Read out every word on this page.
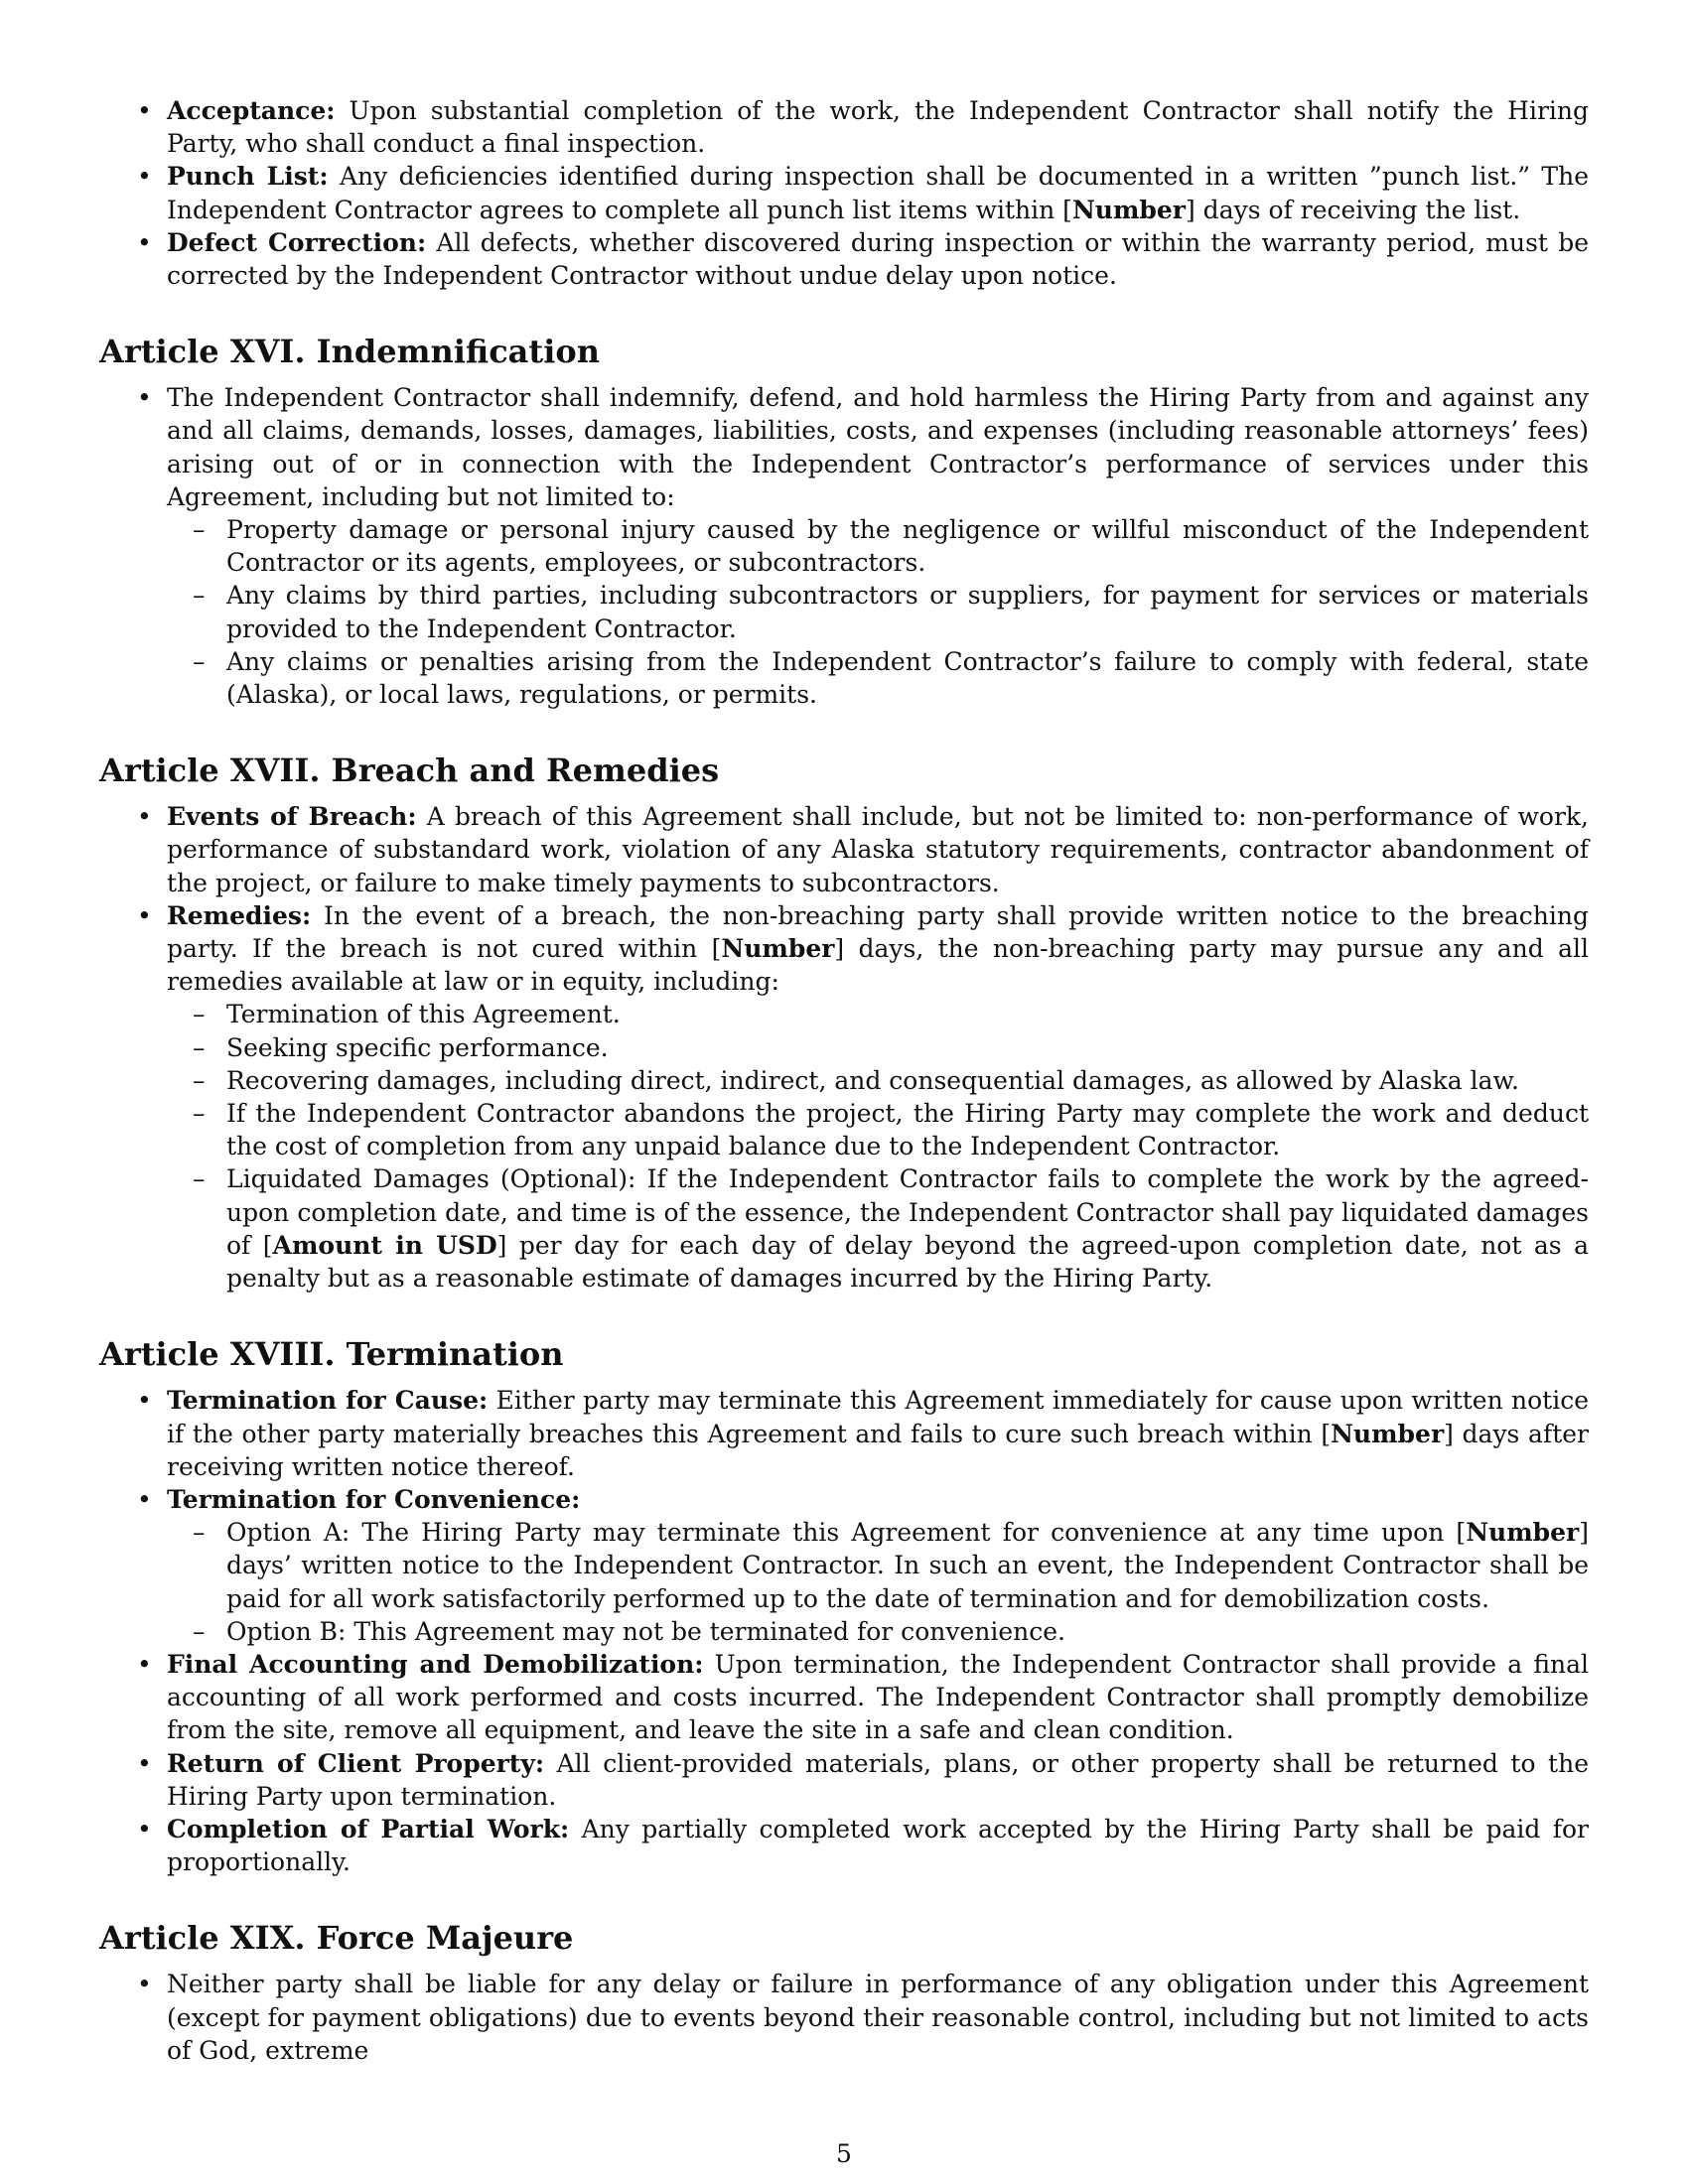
• Acceptance: Upon substantial completion of the work, the Independent Contractor shall notify the Hiring Party, who shall conduct a final inspection.
• Punch List: Any deficiencies identified during inspection shall be documented in a written ”punch list.” The Independent Contractor agrees to complete all punch list items within [Number] days of receiving the list.
• Defect Correction: All defects, whether discovered during inspection or within the warranty period, must be corrected by the Independent Contractor without undue delay upon notice.
Article XVI. Indemnification
• The Independent Contractor shall indemnify, defend, and hold harmless the Hiring Party from and against any and all claims, demands, losses, damages, liabilities, costs, and expenses (including reasonable attorneys’ fees) arising out of or in connection with the Independent Contractor’s performance of services under this Agreement, including but not limited to:
– Property damage or personal injury caused by the negligence or willful misconduct of the Independent Contractor or its agents, employees, or subcontractors.
– Any claims by third parties, including subcontractors or suppliers, for payment for services or materials provided to the Independent Contractor.
– Any claims or penalties arising from the Independent Contractor’s failure to comply with federal, state (Alaska), or local laws, regulations, or permits.
Article XVII. Breach and Remedies
• Events of Breach: A breach of this Agreement shall include, but not be limited to: non-performance of work, performance of substandard work, violation of any Alaska statutory requirements, contractor abandonment of the project, or failure to make timely payments to subcontractors.
• Remedies: In the event of a breach, the non-breaching party shall provide written notice to the breaching party. If the breach is not cured within [Number] days, the non-breaching party may pursue any and all remedies available at law or in equity, including:
– Termination of this Agreement.
– Seeking specific performance.
– Recovering damages, including direct, indirect, and consequential damages, as allowed by Alaska law.
– If the Independent Contractor abandons the project, the Hiring Party may complete the work and deduct the cost of completion from any unpaid balance due to the Independent Contractor.
– Liquidated Damages (Optional): If the Independent Contractor fails to complete the work by the agreed-upon completion date, and time is of the essence, the Independent Contractor shall pay liquidated damages of [Amount in USD] per day for each day of delay beyond the agreed-upon completion date, not as a penalty but as a reasonable estimate of damages incurred by the Hiring Party.
Article XVIII. Termination
• Termination for Cause: Either party may terminate this Agreement immediately for cause upon written notice if the other party materially breaches this Agreement and fails to cure such breach within [Number] days after receiving written notice thereof.
• Termination for Convenience:
– Option A: The Hiring Party may terminate this Agreement for convenience at any time upon [Number] days’ written notice to the Independent Contractor. In such an event, the Independent Contractor shall be paid for all work satisfactorily performed up to the date of termination and for demobilization costs.
– Option B: This Agreement may not be terminated for convenience.
• Final Accounting and Demobilization: Upon termination, the Independent Contractor shall provide a final accounting of all work performed and costs incurred. The Independent Contractor shall promptly demobilize from the site, remove all equipment, and leave the site in a safe and clean condition.
• Return of Client Property: All client-provided materials, plans, or other property shall be returned to the Hiring Party upon termination.
• Completion of Partial Work: Any partially completed work accepted by the Hiring Party shall be paid for proportionally.
Article XIX. Force Majeure
• Neither party shall be liable for any delay or failure in performance of any obligation under this Agreement (except for payment obligations) due to events beyond their reasonable control, including but not limited to acts of God, extreme
5
